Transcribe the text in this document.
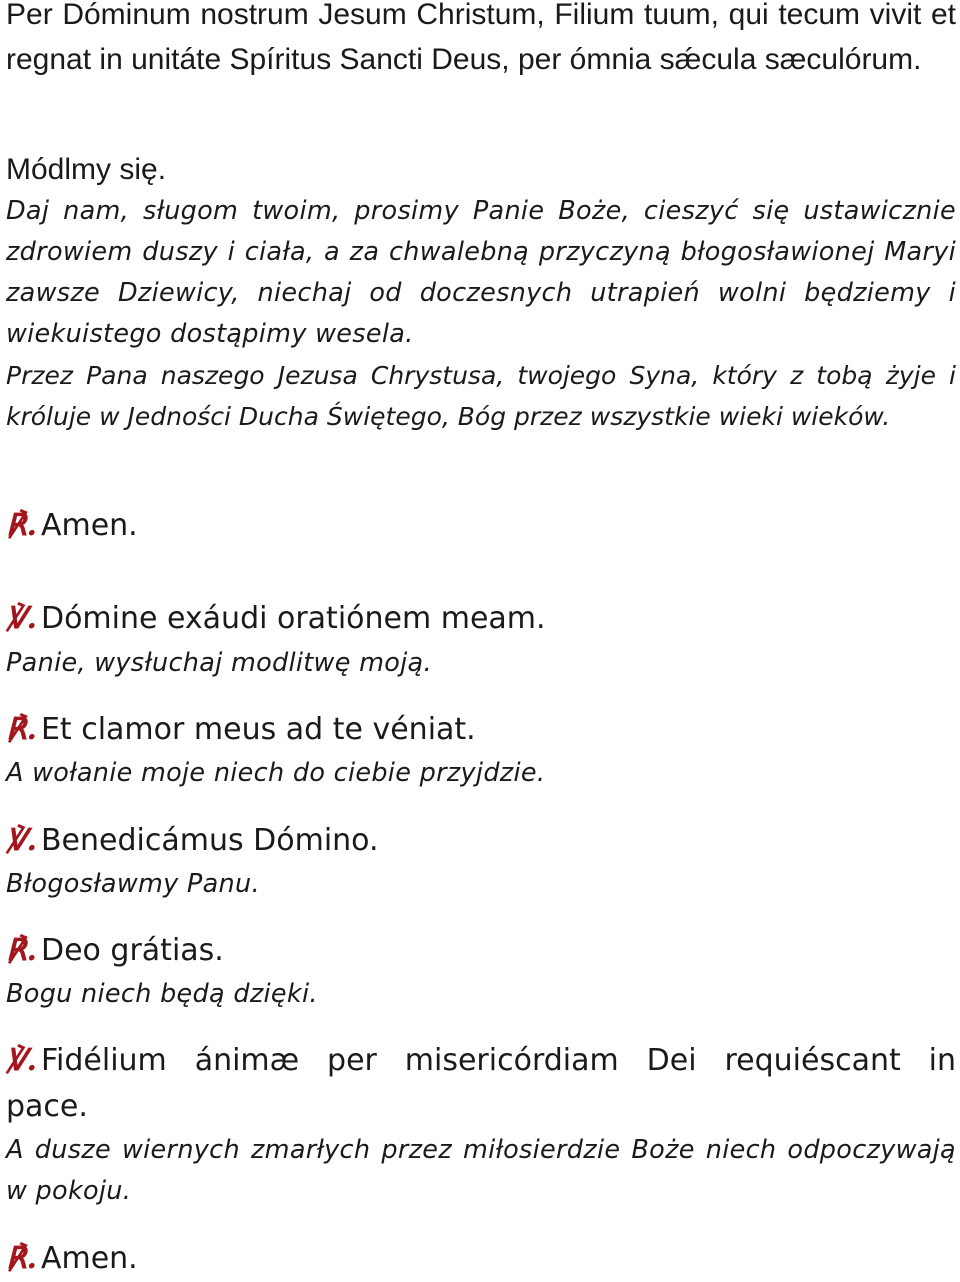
Per Dóminum nostrum Jesum Christum, Filium tuum, qui tecum vivit et regnat in unitáte Spíritus Sancti Deus, per ómnia sǽcula sæculórum.

Módlmy się.

Daj nam, sługom twoim, prosimy Panie Boże, cieszyć się ustawicznie zdrowiem duszy i ciała, a za chwalebną przyczyną błogosławionej Maryi zawsze Dziewicy, niechaj od doczesnych utrapień wolni będziemy i wiekuistego dostąpimy wesela.

Przez Pana naszego Jezusa Chrystusa, twojego Syna, który z tobą żyje i króluje w Jedności Ducha Świętego, Bóg przez wszystkie wieki wieków.

℟. Amen.

℣. Dómine exáudi oratiónem meam.

Panie, wysłuchaj modlitwę moją.

℟. Et clamor meus ad te véniat.

A wołanie moje niech do ciebie przyjdzie.

℣. Benedicámus Dómino.

Błogosławmy Panu.

℟. Deo grátias.

Bogu niech będą dzięki.

℣. Fidélium ánimæ per misericórdiam Dei requiéscant in pace.

A dusze wiernych zmarłych przez miłosierdzie Boże niech odpoczywają w pokoju.

℟. Amen.
